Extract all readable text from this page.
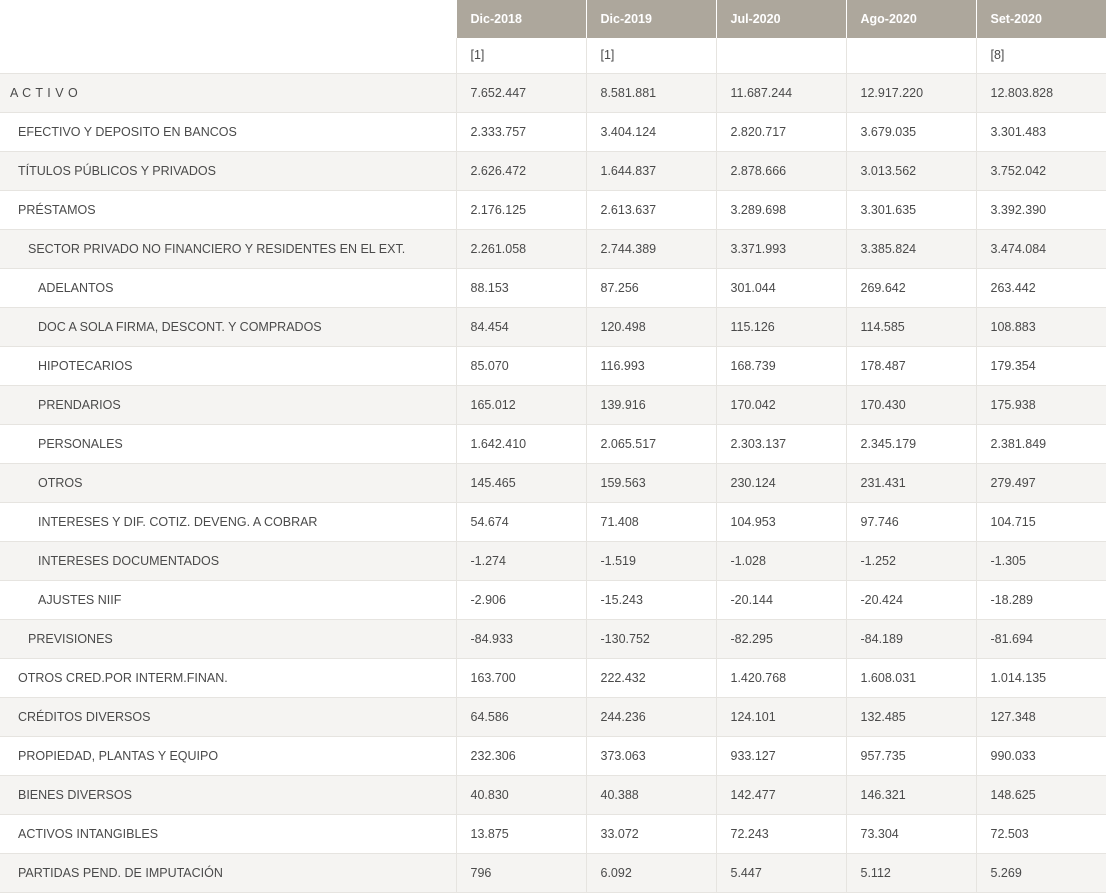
	Dic-2018	Dic-2019	Jul-2020	Ago-2020	Set-2020
	[1]	[1]			[8]
A C T I V O	7.652.447	8.581.881	11.687.244	12.917.220	12.803.828
EFECTIVO Y DEPOSITO EN BANCOS	2.333.757	3.404.124	2.820.717	3.679.035	3.301.483
TÍTULOS PÚBLICOS Y PRIVADOS	2.626.472	1.644.837	2.878.666	3.013.562	3.752.042
PRÉSTAMOS	2.176.125	2.613.637	3.289.698	3.301.635	3.392.390
SECTOR PRIVADO NO FINANCIERO Y RESIDENTES EN EL EXT.	2.261.058	2.744.389	3.371.993	3.385.824	3.474.084
ADELANTOS	88.153	87.256	301.044	269.642	263.442
DOC A SOLA FIRMA, DESCONT. Y COMPRADOS	84.454	120.498	115.126	114.585	108.883
HIPOTECARIOS	85.070	116.993	168.739	178.487	179.354
PRENDARIOS	165.012	139.916	170.042	170.430	175.938
PERSONALES	1.642.410	2.065.517	2.303.137	2.345.179	2.381.849
OTROS	145.465	159.563	230.124	231.431	279.497
INTERESES Y DIF. COTIZ. DEVENG. A COBRAR	54.674	71.408	104.953	97.746	104.715
INTERESES DOCUMENTADOS	-1.274	-1.519	-1.028	-1.252	-1.305
AJUSTES NIIF	-2.906	-15.243	-20.144	-20.424	-18.289
PREVISIONES	-84.933	-130.752	-82.295	-84.189	-81.694
OTROS CRED.POR INTERM.FINAN.	163.700	222.432	1.420.768	1.608.031	1.014.135
CRÉDITOS DIVERSOS	64.586	244.236	124.101	132.485	127.348
PROPIEDAD, PLANTAS Y EQUIPO	232.306	373.063	933.127	957.735	990.033
BIENES DIVERSOS	40.830	40.388	142.477	146.321	148.625
ACTIVOS INTANGIBLES	13.875	33.072	72.243	73.304	72.503
PARTIDAS PEND. DE IMPUTACIÓN	796	6.092	5.447	5.112	5.269
